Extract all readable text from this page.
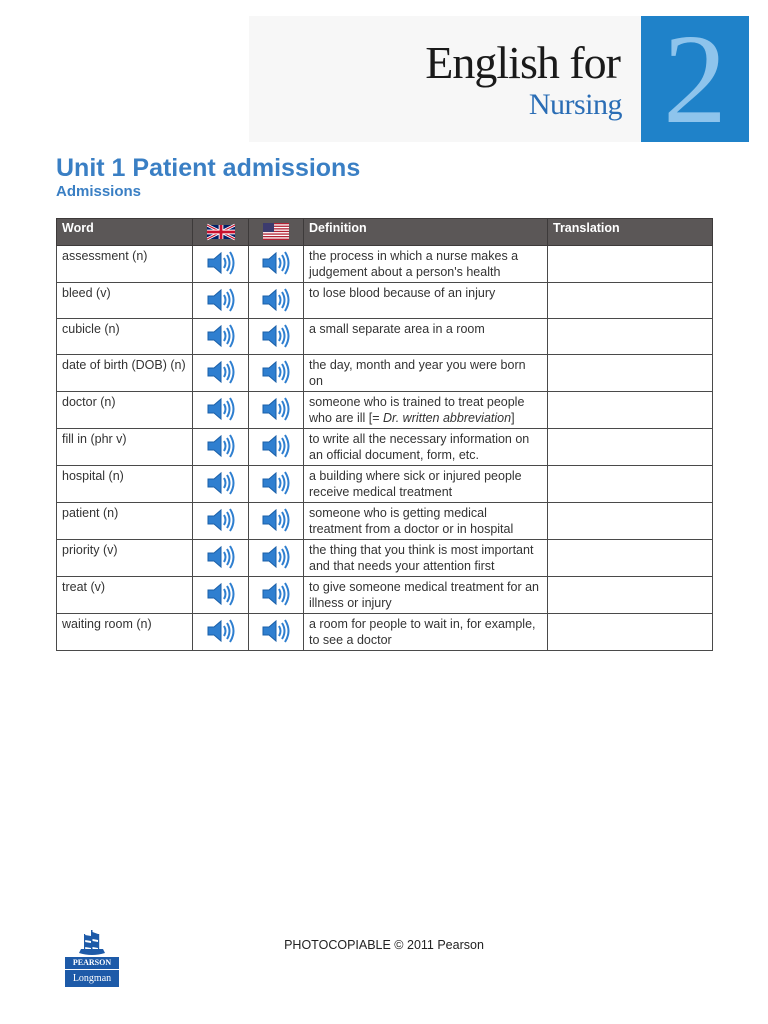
English for
Nursing 2
Unit 1 Patient admissions
Admissions
Word			Definition	Translation
assessment (n)			the process in which a nurse makes a judgement about a person's health	
bleed (v)			to lose blood because of an injury	
cubicle (n)			a small separate area in a room	
date of birth (DOB) (n)			the day, month and year you were born on	
doctor (n)			someone who is trained to treat people who are ill [= Dr. written abbreviation]	
fill in (phr v)			to write all the necessary information on an official document, form, etc.	
hospital (n)			a building where sick or injured people receive medical treatment	
patient (n)			someone who is getting medical treatment from a doctor or in hospital	
priority (v)			the thing that you think is most important and that needs your attention first	
treat (v)			to give someone medical treatment for an illness or injury	
waiting room (n)			a room for people to wait in, for example, to see a doctor	
PEARSON
Longman
PHOTOCOPIABLE © 2011 Pearson
